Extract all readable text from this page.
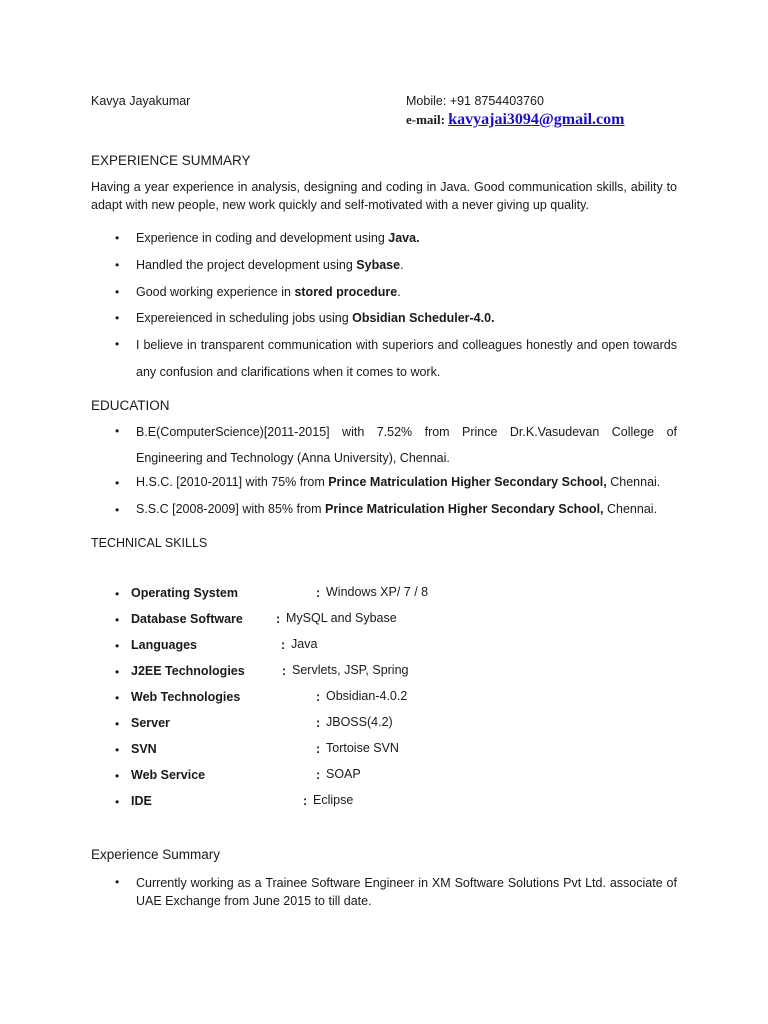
Kavya Jayakumar	Mobile: +91 8754403760
e-mail: kavyajai3094@gmail.com
EXPERIENCE SUMMARY
Having a year experience in analysis, designing and coding in Java. Good communication skills, ability to
adapt with new people, new work quickly and self-motivated with a never giving up quality.
• Experience in coding and development using Java.
• Handled the project development using Sybase.
• Good working experience in stored procedure.
• Expereienced in scheduling jobs using Obsidian Scheduler-4.0.
• I believe in transparent communication with superiors and colleagues honestly and open towards
any confusion and clarifications when it comes to work.
EDUCATION
• B.E(ComputerScience)[2011-2015] with 7.52% from Prince Dr.K.Vasudevan College of
Engineering and Technology (Anna University), Chennai.
• H.S.C. [2010-2011] with 75% from Prince Matriculation Higher Secondary School, Chennai.
• S.S.C [2008-2009] with 85% from Prince Matriculation Higher Secondary School, Chennai.
TECHNICAL SKILLS
• Operating System	: Windows XP/ 7 / 8
• Database Software	: MySQL and Sybase
• Languages	: Java
• J2EE Technologies	: Servlets, JSP, Spring
• Web Technologies	: Obsidian-4.0.2
• Server	: JBOSS(4.2)
• SVN	: Tortoise SVN
• Web Service	: SOAP
• IDE	: Eclipse
Experience Summary
• Currently working as a Trainee Software Engineer in XM Software Solutions Pvt Ltd. associate of
UAE Exchange from June 2015 to till date.
